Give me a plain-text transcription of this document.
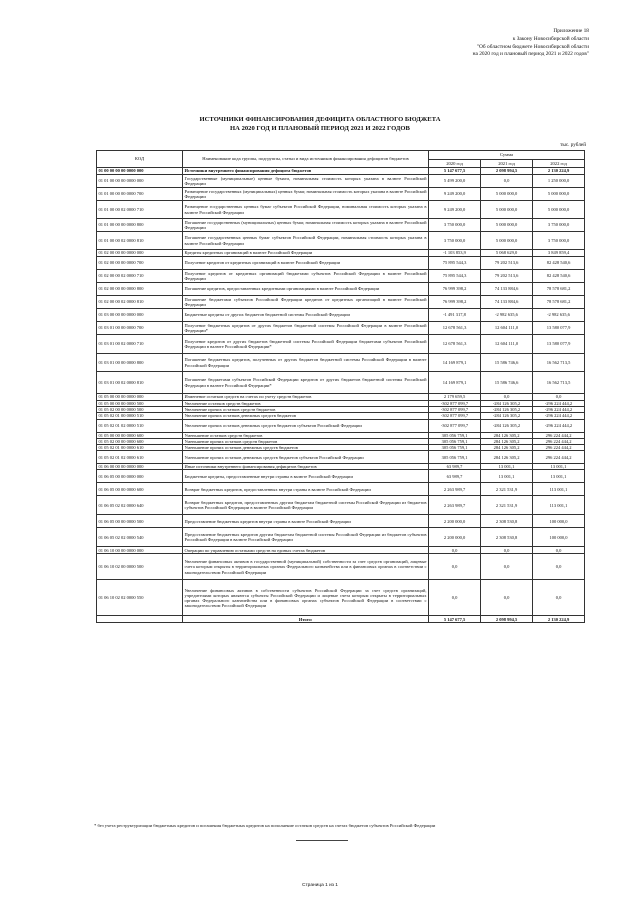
Приложение 18
к Закону Новосибирской области
"Об областном бюджете Новосибирской области
на 2020 год и плановый период 2021 и 2022 годов"
ИСТОЧНИКИ ФИНАНСИРОВАНИЯ ДЕФИЦИТА ОБЛАСТНОГО БЮДЖЕТА
НА 2020 ГОД И ПЛАНОВЫЙ ПЕРИОД 2021 И 2022 ГОДОВ
тыс. рублей
КОД	Наименование кода группы, подгруппы, статьи и вида источников финансирования дефицитов бюджетов	Сумма		
		2020 год	2021 год	2022 год
01 00 00 00 00 0000 000	Источники внутреннего финансирования дефицита бюджетов	5 147 677,5	2 098 994,5	2 130 224,9
01 01 00 00 00 0000 000	Государственные (муниципальные) ценные бумаги, номинальная стоимость которых указана в валюте Российской Федерации	5 499 200,0	0,0	1 250 000,0
01 01 00 00 00 0000 700	Размещение государственных (муниципальных) ценных бумаг, номинальная стоимость которых указана в валюте Российской Федерации	9 249 200,0	5 000 000,0	5 000 000,0
01 01 00 00 02 0000 710	Размещение государственных ценных бумаг субъектов Российской Федерации, номинальная стоимость которых указана в валюте Российской Федерации	9 249 200,0	5 000 000,0	5 000 000,0
01 01 00 00 00 0000 800	Погашение государственных (муниципальных) ценных бумаг, номинальная стоимость которых указана в валюте Российской Федерации	3 750 000,0	5 000 000,0	3 750 000,0
01 01 00 00 02 0000 810	Погашение государственных ценных бумаг субъектов Российской Федерации, номинальная стоимость которых указана в валюте Российской Федерации	3 750 000,0	5 000 000,0	3 750 000,0
01 02 00 00 00 0000 000	Кредиты кредитных организаций в валюте Российской Федерации	-1 103 853,9	5 068 629,0	3 849 859,4
01 02 00 00 00 0000 700	Получение кредитов от кредитных организаций в валюте Российской Федерации	75 895 544,3	79 202 513,6	82 428 540,6
01 02 00 00 02 0000 710	Получение кредитов от кредитных организаций бюджетами субъектов Российской Федерации в валюте Российской Федерации	75 895 544,3	79 202 513,6	82 428 540,6
01 02 00 00 00 0000 800	Погашение кредитов, предоставленных кредитными организациями в валюте Российской Федерации	76 999 398,2	74 133 884,6	78 578 681,2
01 02 00 00 02 0000 810	Погашение бюджетами субъектов Российской Федерации кредитов от кредитных организаций в валюте Российской Федерации	76 999 398,2	74 133 884,6	78 578 681,2
01 03 00 00 00 0000 000	Бюджетные кредиты от других бюджетов бюджетной системы Российской Федерации	-1 491 317,8	-2 982 635,6	-2 982 635,6
01 03 01 00 00 0000 700	Получение бюджетных кредитов от других бюджетов бюджетной системы Российской Федерации в валюте Российской Федерации*	12 678 561,3	12 604 111,0	13 580 077,9
01 03 01 00 02 0000 710	Получение кредитов от других бюджетов бюджетной системы Российской Федерации бюджетами субъектов Российской Федерации в валюте Российской Федерации*	12 678 561,3	12 604 111,0	13 580 077,9
01 03 01 00 00 0000 800	Погашение бюджетных кредитов, полученных от других бюджетов бюджетной системы Российской Федерации в валюте Российской Федерации	14 169 879,1	15 586 746,6	16 562 713,5
01 03 01 00 02 0000 810	Погашение бюджетами субъектов Российской Федерации кредитов от других бюджетов бюджетной системы Российской Федерации в валюте Российской Федерации*	14 169 879,1	15 586 746,6	16 562 713,5
01 05 00 00 00 0000 000	Изменение остатков средств на счетах по учету средств бюджетов	2 179 659,5	0,0	0,0
01 05 00 00 00 0000 500	Увеличение остатков средств бюджетов	-302 877 099,7	-284 126 305,2	-296 224 444,2
01 05 02 00 00 0000 500	Увеличение прочих остатков средств бюджетов	-302 877 099,7	-284 126 305,2	-296 224 444,2
01 05 02 01 00 0000 510	Увеличение прочих остатков денежных средств бюджетов	-302 877 099,7	-284 126 305,2	-296 224 444,2
01 05 02 01 02 0000 510	Увеличение прочих остатков денежных средств бюджетов субъектов Российской Федерации	-302 877 099,7	-284 126 305,2	-296 224 444,2
01 05 00 00 00 0000 600	Уменьшение остатков средств бюджетов	305 056 759,1	284 126 305,2	296 224 444,2
01 05 02 00 00 0000 600	Уменьшение прочих остатков средств бюджетов	305 056 759,1	284 126 305,2	296 224 444,2
01 05 02 01 00 0000 610	Уменьшение прочих остатков денежных средств бюджетов	305 056 759,1	284 126 305,2	296 224 444,2
01 05 02 01 02 0000 610	Уменьшение прочих остатков денежных средств бюджетов субъектов Российской Федерации	305 056 759,1	284 126 305,2	296 224 444,2
01 06 00 00 00 0000 000	Иные источники внутреннего финансирования дефицитов бюджетов	63 989,7	13 001,1	13 001,1
01 06 05 00 00 0000 000	Бюджетные кредиты, предоставленные внутри страны в валюте Российской Федерации	63 989,7	13 001,1	13 001,1
01 06 05 00 00 0000 600	Возврат бюджетных кредитов, предоставленных внутри страны в валюте Российской Федерации	2 263 989,7	2 321 531,9	113 001,1
01 06 05 02 02 0000 640	Возврат бюджетных кредитов, предоставленных другим бюджетам бюджетной системы Российской Федерации из бюджетов субъектов Российской Федерации в валюте Российской Федерации	2 263 989,7	2 321 531,9	113 001,1
01 06 05 00 00 0000 500	Предоставление бюджетных кредитов внутри страны в валюте Российской Федерации	2 200 000,0	2 308 530,8	100 000,0
01 06 05 02 02 0000 540	Предоставление бюджетных кредитов другим бюджетам бюджетной системы Российской Федерации из бюджетов субъектов Российской Федерации в валюте Российской Федерации	2 200 000,0	2 308 530,8	100 000,0
01 06 10 00 00 0000 000	Операции по управлению остатками средств на единых счетах бюджетов	0,0	0,0	0,0
01 06 10 02 00 0000 500	Увеличение финансовых активов в государственной (муниципальной) собственности за счет средств организаций, лицевые счета которым открыты в территориальных органах Федерального казначейства или в финансовых органах в соответствии с законодательством Российской Федерации	0,0	0,0	0,0
01 06 10 02 02 0000 550	Увеличение финансовых активов в собственности субъектов Российской Федерации за счет средств организаций, учредителями которых являются субъекты Российской Федерации и лицевые счета которым открыты в территориальных органах Федерального казначейства или в финансовых органах субъектов Российской Федерации в соответствии с законодательством Российской Федерации	0,0	0,0	0,0
	Итого:	5 147 677,5	2 098 994,5	2 130 224,9
* без учета реструктуризации бюджетных кредитов и погашения бюджетных кредитов на пополнение остатков средств на счетах бюджетов субъектов Российской Федерации
Страница 1 из 1
